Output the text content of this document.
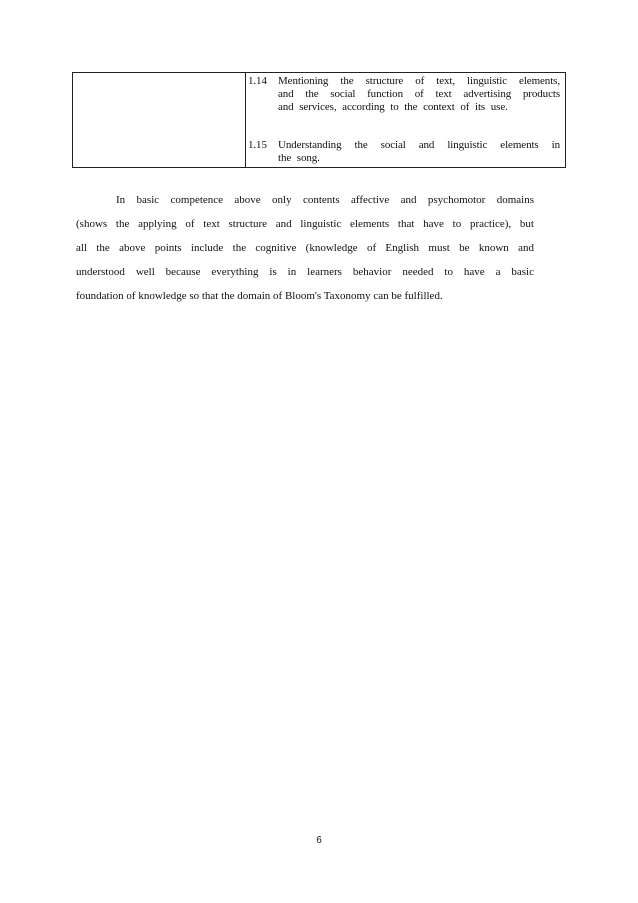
1.14	Mentioning the structure of text, linguistic elements,
and the social function of text advertising products
and services, according to the context of its use.
1.15	Understanding the social and linguistic elements in
the song.
In basic competence above only contents affective and psychomotor domains
(shows the applying of text structure and linguistic elements that have to practice), but
all the above points include the cognitive (knowledge of English must be known and
understood well because everything is in learners behavior needed to have a basic
foundation of knowledge so that the domain of Bloom's Taxonomy can be fulfilled.
6
